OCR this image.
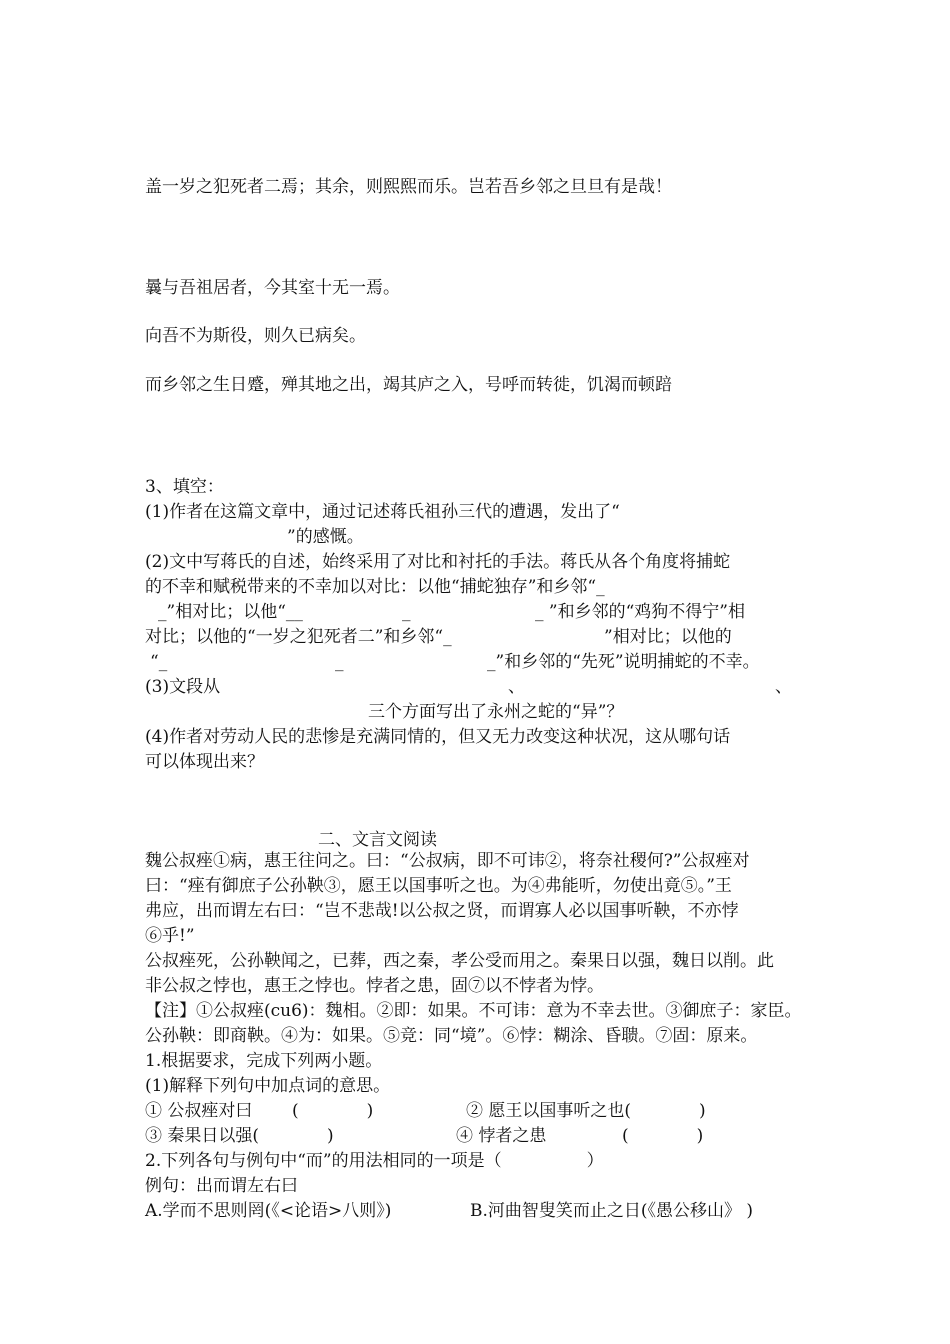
盖一岁之犯死者二焉；其余，则熙熙而乐。岂若吾乡邻之旦旦有是哉！
曩与吾祖居者，今其室十无一焉。
向吾不为斯役，则久已病矣。
而乡邻之生日蹙，殚其地之出，竭其庐之入，号呼而转徙，饥渴而顿踣
3、填空：
(1)作者在这篇文章中，通过记述蒋氏祖孙三代的遭遇，发出了“
”的感慨。
(2)文中写蒋氏的自述，始终采用了对比和衬托的手法。蒋氏从各个角度将捕蛇
的不幸和赋税带来的不幸加以对比：以他“捕蛇独存”和乡邻“_
_”相对比；以他“__	_	_ ”和乡邻的“鸡狗不得宁”相
对比；以他的“一岁之犯死者二”和乡邻“_	”相对比；以他的
“_	_	_”和乡邻的“先死”说明捕蛇的不幸。
(3)文段从	、	、
三个方面写出了永州之蛇的“异”？
(4)作者对劳动人民的悲惨是充满同情的，但又无力改变这种状况，这从哪句话
可以体现出来？
二、文言文阅读
魏公叔痤①病，惠王往问之。曰：“公叔病，即不可讳②，将奈社稷何?”公叔痤对
曰：“痤有御庶子公孙鞅③，愿王以国事听之也。为④弗能听，勿使出竟⑤。”王
弗应，出而谓左右曰：“岂不悲哉!以公叔之贤，而谓寡人必以国事听鞅，不亦悖
⑥乎!”
公叔痤死，公孙鞅闻之，已葬，西之秦，孝公受而用之。秦果日以强，魏日以削。此
非公叔之悖也，惠王之悖也。悖者之患，固⑦以不悖者为悖。
【注】①公叔痤(cu6)：魏相。②即：如果。不可讳：意为不幸去世。③御庶子：家臣。
公孙鞅：即商鞅。④为：如果。⑤竞：同“境”。⑥悖：糊涂、昏聩。⑦固：原来。
1.根据要求，完成下列两小题。
(1)解释下列句中加点词的意思。
① 公叔痤对曰 (　　　　)	② 愿王以国事听之也(　　　　)
③ 秦果日以强(　　　　)	④ 悖者之患	(　　　　)
2.下列各句与例句中“而”的用法相同的一项是（　　　　　）
例句：出而谓左右曰
A.学而不思则罔(《<论语>八则》)	B.河曲智叟笑而止之日(《愚公移山》 )
